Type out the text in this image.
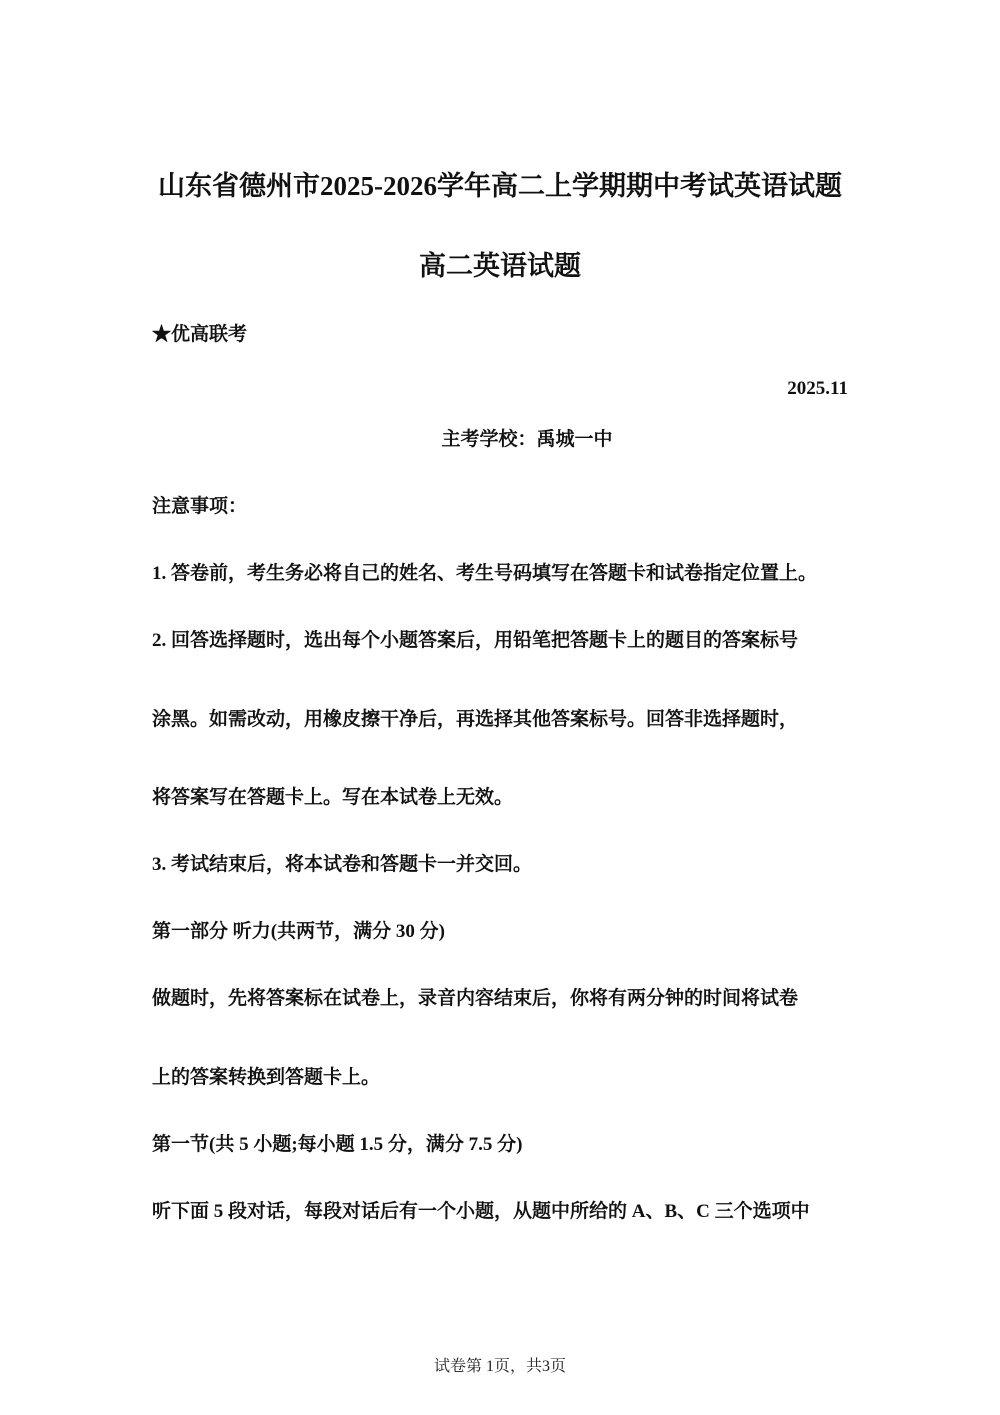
山东省德州市2025-2026学年高二上学期期中考试英语试题
高二英语试题
★优高联考
2025.11
主考学校：禹城一中
注意事项：
1. 答卷前，考生务必将自己的姓名、考生号码填写在答题卡和试卷指定位置上。
2. 回答选择题时，选出每个小题答案后，用铅笔把答题卡上的题目的答案标号
涂黑。如需改动，用橡皮擦干净后，再选择其他答案标号。回答非选择题时，
将答案写在答题卡上。写在本试卷上无效。
3. 考试结束后，将本试卷和答题卡一并交回。
第一部分 听力(共两节，满分 30 分)
做题时，先将答案标在试卷上，录音内容结束后，你将有两分钟的时间将试卷
上的答案转换到答题卡上。
第一节(共 5 小题;每小题 1.5 分，满分 7.5 分)
听下面 5 段对话，每段对话后有一个小题，从题中所给的 A、B、C 三个选项中
试卷第 1页，共3页
